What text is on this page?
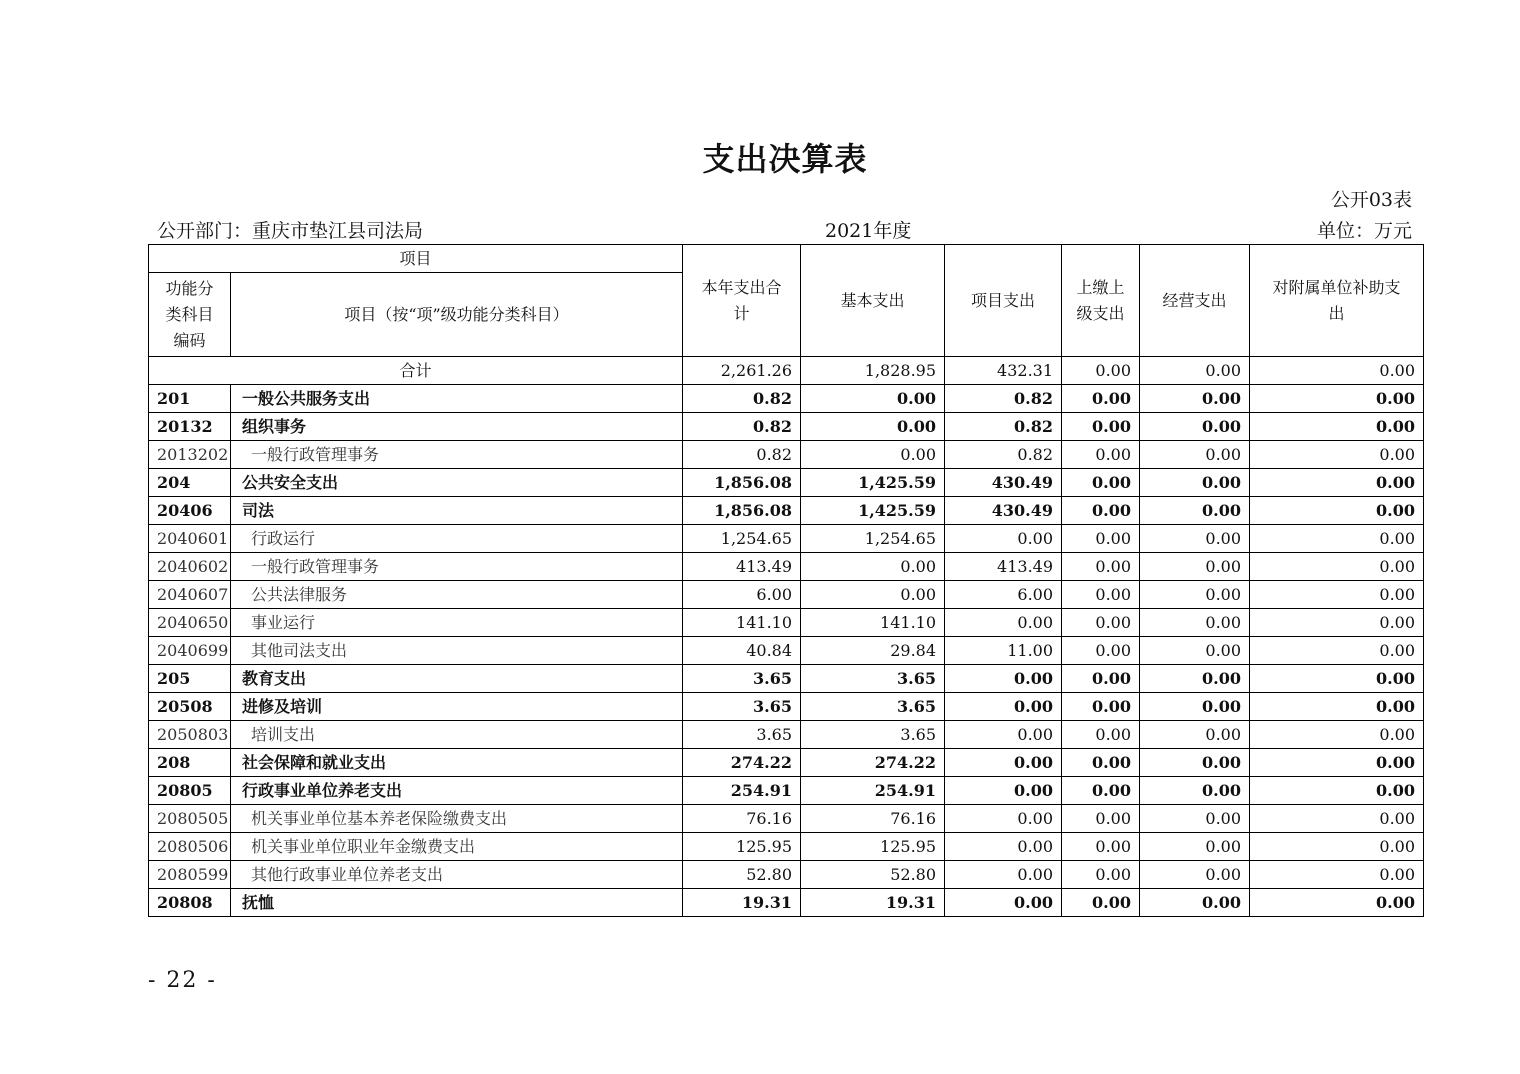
支出决算表
公开03表
公开部门：重庆市垫江县司法局	2021年度	单位：万元
项目		本年支出合计	基本支出	项目支出	上缴上级支出	经营支出	对附属单位补助支出
功能分类科目编码	项目（按“项”级功能分类科目）						
合计		2,261.26	1,828.95	432.31	0.00	0.00	0.00
201	一般公共服务支出	0.82	0.00	0.82	0.00	0.00	0.00
20132	组织事务	0.82	0.00	0.82	0.00	0.00	0.00
2013202	一般行政管理事务	0.82	0.00	0.82	0.00	0.00	0.00
204	公共安全支出	1,856.08	1,425.59	430.49	0.00	0.00	0.00
20406	司法	1,856.08	1,425.59	430.49	0.00	0.00	0.00
2040601	行政运行	1,254.65	1,254.65	0.00	0.00	0.00	0.00
2040602	一般行政管理事务	413.49	0.00	413.49	0.00	0.00	0.00
2040607	公共法律服务	6.00	0.00	6.00	0.00	0.00	0.00
2040650	事业运行	141.10	141.10	0.00	0.00	0.00	0.00
2040699	其他司法支出	40.84	29.84	11.00	0.00	0.00	0.00
205	教育支出	3.65	3.65	0.00	0.00	0.00	0.00
20508	进修及培训	3.65	3.65	0.00	0.00	0.00	0.00
2050803	培训支出	3.65	3.65	0.00	0.00	0.00	0.00
208	社会保障和就业支出	274.22	274.22	0.00	0.00	0.00	0.00
20805	行政事业单位养老支出	254.91	254.91	0.00	0.00	0.00	0.00
2080505	机关事业单位基本养老保险缴费支出	76.16	76.16	0.00	0.00	0.00	0.00
2080506	机关事业单位职业年金缴费支出	125.95	125.95	0.00	0.00	0.00	0.00
2080599	其他行政事业单位养老支出	52.80	52.80	0.00	0.00	0.00	0.00
20808	抚恤	19.31	19.31	0.00	0.00	0.00	0.00
- 22 -
